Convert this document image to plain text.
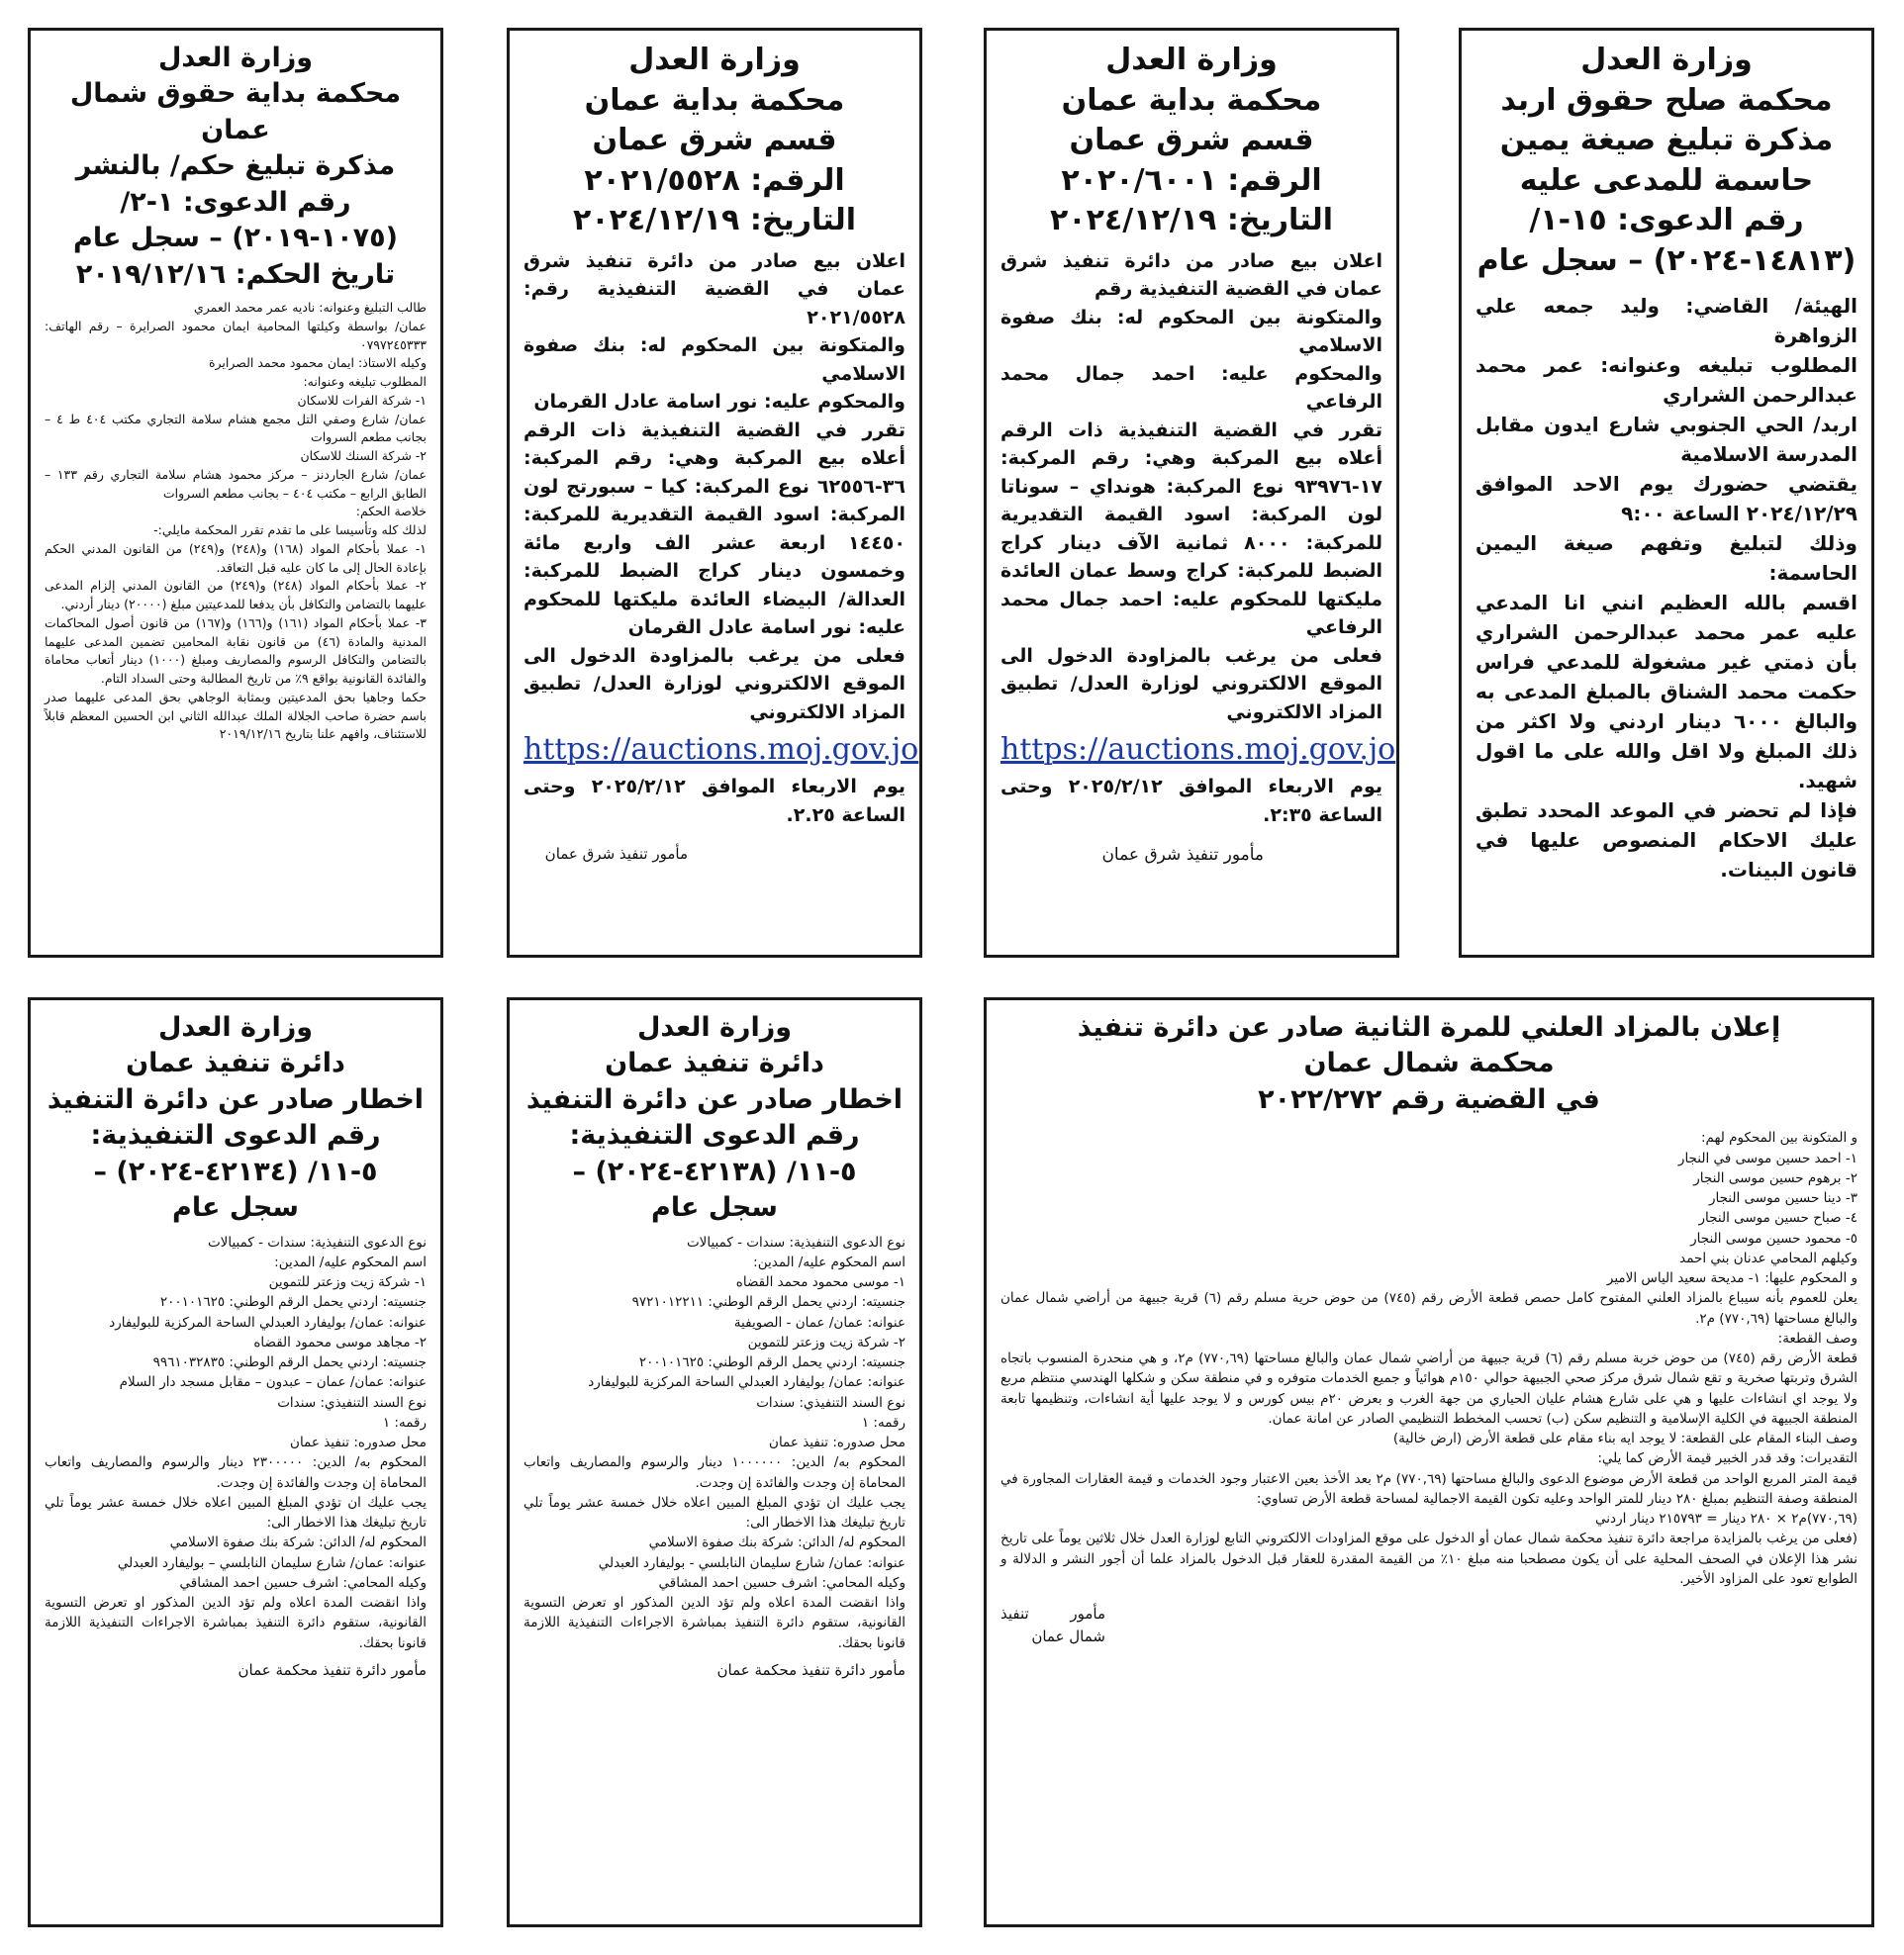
وزارة العدل

محكمة صلح حقوق اربد

مذكرة تبليغ صيغة يمين حاسمة للمدعى عليه

رقم الدعوى: ١٥-١/ (١٤٨١٣-٢٠٢٤) – سجل عام

الهيئة/ القاضي: وليد جمعه علي الزواهرة

المطلوب تبليغه وعنوانه: عمر محمد عبدالرحمن الشراري

اربد/ الحي الجنوبي شارع ايدون مقابل المدرسة الاسلامية

يقتضي حضورك يوم الاحد الموافق ٢٠٢٤/١٢/٢٩ الساعة ٩:٠٠

وذلك لتبليغ وتفهم صيغة اليمين الحاسمة:

اقسم بالله العظيم انني انا المدعي عليه عمر محمد عبدالرحمن الشراري بأن ذمتي غير مشغولة للمدعي فراس حكمت محمد الشناق بالمبلغ المدعى به والبالغ ٦٠٠٠ دينار اردني ولا اكثر من ذلك المبلغ ولا اقل والله على ما اقول شهيد.

فإذا لم تحضر في الموعد المحدد تطبق عليك الاحكام المنصوص عليها في قانون البينات.

وزارة العدل

محكمة بداية عمان

قسم شرق عمان

الرقم: ٢٠٢٠/٦٠٠١

التاريخ: ٢٠٢٤/١٢/١٩

اعلان بيع صادر من دائرة تنفيذ شرق عمان في القضية التنفيذية رقم

والمتكونة بين المحكوم له: بنك صفوة الاسلامي

والمحكوم عليه: احمد جمال محمد الرفاعي

تقرر في القضية التنفيذية ذات الرقم أعلاه بيع المركبة وهي: رقم المركبة: ١٧-٩٣٩٧٦ نوع المركبة: هونداي – سوناتا لون المركبة: اسود القيمة التقديرية للمركبة: ٨٠٠٠ ثمانية الآف دينار كراج الضبط للمركبة: كراج وسط عمان العائدة مليكتها للمحكوم عليه: احمد جمال محمد الرفاعي

فعلى من يرغب بالمزاودة الدخول الى الموقع الالكتروني لوزارة العدل/ تطبيق المزاد الالكتروني

https://auctions.moj.gov.jo

يوم الاربعاء الموافق ٢٠٢٥/٢/١٢ وحتى الساعة ٢:٣٥.

مأمور تنفيذ شرق عمان

وزارة العدل

محكمة بداية عمان

قسم شرق عمان

الرقم: ٢٠٢١/٥٥٢٨

التاريخ: ٢٠٢٤/١٢/١٩

اعلان بيع صادر من دائرة تنفيذ شرق عمان في القضية التنفيذية رقم: ٢٠٢١/٥٥٢٨

والمتكونة بين المحكوم له: بنك صفوة الاسلامي

والمحكوم عليه: نور اسامة عادل القرمان

تقرر في القضية التنفيذية ذات الرقم أعلاه بيع المركبة وهي: رقم المركبة: ٣٦-٦٢٥٥٦ نوع المركبة: كيا – سبورتج لون المركبة: اسود القيمة التقديرية للمركبة: ١٤٤٥٠ اربعة عشر الف واربع مائة وخمسون دينار كراج الضبط للمركبة: العدالة/ البيضاء العائدة مليكتها للمحكوم عليه: نور اسامة عادل القرمان

فعلى من يرغب بالمزاودة الدخول الى الموقع الالكتروني لوزارة العدل/ تطبيق المزاد الالكتروني

https://auctions.moj.gov.jo

يوم الاربعاء الموافق ٢٠٢٥/٢/١٢ وحتى الساعة ٢.٢٥.

مأمور تنفيذ شرق عمان

وزارة العدل

محكمة بداية حقوق شمال عمان

مذكرة تبليغ حكم/ بالنشر

رقم الدعوى: ١-٢/ (١٠٧٥-٢٠١٩) – سجل عام

تاريخ الحكم: ٢٠١٩/١٢/١٦

طالب التبليغ وعنوانه: ناديه عمر محمد العمري

عمان/ بواسطة وكيلتها المحامية ايمان محمود الصرايرة – رقم الهاتف: ٠٧٩٧٢٤٥٣٣٣

وكيله الاستاذ: ايمان محمود محمد الصرايرة

المطلوب تبليغه وعنوانه:

١- شركة الفرات للاسكان

عمان/ شارع وصفي التل مجمع هشام سلامة التجاري مكتب ٤٠٤ ط ٤ – بجانب مطعم السروات

٢- شركة السنك للاسكان

عمان/ شارع الجاردنز – مركز محمود هشام سلامة التجاري رقم ١٣٣ – الطابق الرابع – مكتب ٤٠٤ – بجانب مطعم السروات

خلاصة الحكم:

لذلك كله وتأسيسا على ما تقدم تقرر المحكمة مايلي:-

١- عملا بأحكام المواد (١٦٨) و(٢٤٨) و(٢٤٩) من القانون المدني الحكم بإعادة الحال إلى ما كان عليه قبل التعاقد.

٢- عملا بأحكام المواد (٢٤٨) و(٢٤٩) من القانون المدني إلزام المدعى عليهما بالتضامن والتكافل بأن يدفعا للمدعيتين مبلغ (٢٠٠٠٠) دينار أردني.

٣- عملا بأحكام المواد (١٦١) و(١٦٦) و(١٦٧) من قانون أصول المحاكمات المدنية والمادة (٤٦) من قانون نقابة المحامين تضمين المدعى عليهما بالتضامن والتكافل الرسوم والمصاريف ومبلغ (١٠٠٠) دينار أتعاب محاماة والفائدة القانونية بواقع ٩٪ من تاريخ المطالبة وحتى السداد التام.

حكما وجاهيا بحق المدعيتين وبمثابة الوجاهي بحق المدعى عليهما صدر باسم حضرة صاحب الجلالة الملك عبدالله الثاني ابن الحسين المعظم قابلاً للاستئناف، وافهم علنا بتاريخ ٢٠١٩/١٢/١٦

إعلان بالمزاد العلني للمرة الثانية صادر عن دائرة تنفيذ

محكمة شمال عمان

في القضية رقم ٢٠٢٢/٢٧٢

و المتكونة بين المحكوم لهم:

١- احمد حسين موسى في النجار

٢- برهوم حسين موسى النجار

٣- دينا حسين موسى النجار

٤- صباح حسين موسى النجار

٥- محمود حسين موسى النجار

وكيلهم المحامي عدنان بني احمد

و المحكوم عليها: ١- مديحة سعيد الياس الامير

يعلن للعموم بأنه سيباع بالمزاد العلني المفتوح كامل حصص قطعة الأرض رقم (٧٤٥) من حوض حرية مسلم رقم (٦) قرية جبيهة من أراضي شمال عمان والبالغ مساحتها (٧٧٠,٦٩) م٢.

وصف القطعة:

قطعة الأرض رقم (٧٤٥) من حوض خربة مسلم رقم (٦) قرية جبيهة من أراضي شمال عمان والبالغ مساحتها (٧٧٠,٦٩) م٢، و هي منحدرة المنسوب باتجاه الشرق وتربتها صخرية و تقع شمال شرق مركز صحي الجبيهة حوالي ١٥٠م هوائياً و جميع الخدمات متوفره و في منطقة سكن و شكلها الهندسي منتظم مربع ولا يوجد اي انشاءات عليها و هي على شارع هشام عليان الحياري من جهة الغرب و بعرض ٢٠م بيس كورس و لا يوجد عليها أية انشاءات، وتنظيمها تابعة المنطقة الجبيهة في الكلية الإسلامية و التنظيم سكن (ب) تحسب المخطط التنظيمي الصادر عن امانة عمان.

وصف البناء المقام على القطعة: لا يوجد ايه بناء مقام على قطعة الأرض (ارض خالية)

التقديرات: وقد قدر الخبير قيمة الأرض كما يلي:

قيمة المتر المربع الواحد من قطعة الأرض موضوع الدعوى والبالغ مساحتها (٧٧٠,٦٩) م٢ بعد الأخذ بعين الاعتبار وجود الخدمات و قيمة العقارات المجاورة في المنطقة وصفة التنظيم بمبلغ ٢٨٠ دينار للمتر الواحد وعليه تكون القيمة الاجمالية لمساحة قطعة الأرض تساوي:

(٧٧٠,٦٩)م٢ × ٢٨٠ دينار = ٢١٥٧٩٣ دينار اردني

(فعلى من يرغب بالمزايدة مراجعة دائرة تنفيذ محكمة شمال عمان أو الدخول على موقع المزاودات الالكتروني التابع لوزارة العدل خلال ثلاثين يوماً على تاريخ نشر هذا الإعلان في الصحف المحلية على أن يكون مصطحبا منه مبلغ ١٠٪ من القيمة المقدرة للعقار قبل الدخول بالمزاد علما أن أجور النشر و الدلالة و الطوابع تعود على المزاود الأخير.

مأمور تنفيذ شمال عمان

وزارة العدل

دائرة تنفيذ عمان

اخطار صادر عن دائرة التنفيذ

رقم الدعوى التنفيذية:

٥-١١/ (٤٢١٣٨-٢٠٢٤) –

سجل عام

نوع الدعوى التنفيذية: سندات - كمبيالات

اسم المحكوم عليه/ المدين:

١- موسى محمود محمد القضاه

جنسيته: اردني يحمل الرقم الوطني: ٩٧٢١٠١٢٢١١

عنوانه: عمان/ عمان - الصويفية

٢- شركة زيت وزعتر للتموين

جنسيته: اردني يحمل الرقم الوطني: ٢٠٠١٠١٦٢٥

عنوانه: عمان/ بوليفارد العبدلي الساحة المركزية للبوليفارد

نوع السند التنفيذي: سندات

رقمه: ١

محل صدوره: تنفيذ عمان

المحكوم به/ الدين: ١٠٠٠٠٠٠ دينار والرسوم والمصاريف واتعاب المحاماة إن وجدت والفائدة إن وجدت.

يجب عليك ان تؤدي المبلغ المبين اعلاه خلال خمسة عشر يوماً تلي تاريخ تبليغك هذا الاخطار الى:

المحكوم له/ الدائن: شركة بنك صفوة الاسلامي

عنوانه: عمان/ شارع سليمان النابلسي - بوليفارد العبدلي

وكيله المحامي: اشرف حسين احمد المشاقي

واذا انقضت المدة اعلاه ولم تؤد الدين المذكور او تعرض التسوية القانونية، ستقوم دائرة التنفيذ بمباشرة الاجراءات التنفيذية اللازمة قانونا بحقك.

مأمور دائرة تنفيذ محكمة عمان

وزارة العدل

دائرة تنفيذ عمان

اخطار صادر عن دائرة التنفيذ

رقم الدعوى التنفيذية:

٥-١١/ (٤٢١٣٤-٢٠٢٤) –

سجل عام

نوع الدعوى التنفيذية: سندات - كمبيالات

اسم المحكوم عليه/ المدين:

١- شركة زيت وزعتر للتموين

جنسيته: اردني يحمل الرقم الوطني: ٢٠٠١٠١٦٢٥

عنوانه: عمان/ بوليفارد العبدلي الساحة المركزية للبوليفارد

٢- مجاهد موسى محمود القضاه

جنسيته: اردني يحمل الرقم الوطني: ٩٩٦١٠٣٢٨٣٥

عنوانه: عمان/ عمان – عبدون – مقابل مسجد دار السلام

نوع السند التنفيذي: سندات

رقمه: ١

محل صدوره: تنفيذ عمان

المحكوم به/ الدين: ٢٣٠٠٠٠٠ دينار والرسوم والمصاريف واتعاب المحاماة إن وجدت والفائدة إن وجدت.

يجب عليك ان تؤدي المبلغ المبين اعلاه خلال خمسة عشر يوماً تلي تاريخ تبليغك هذا الاخطار الى:

المحكوم له/ الدائن: شركة بنك صفوة الاسلامي

عنوانه: عمان/ شارع سليمان النابلسي – بوليفارد العبدلي

وكيله المحامي: اشرف حسين احمد المشاقي

واذا انقضت المدة اعلاه ولم تؤد الدين المذكور او تعرض التسوية القانونية، ستقوم دائرة التنفيذ بمباشرة الاجراءات التنفيذية اللازمة قانونا بحقك.

مأمور دائرة تنفيذ محكمة عمان
